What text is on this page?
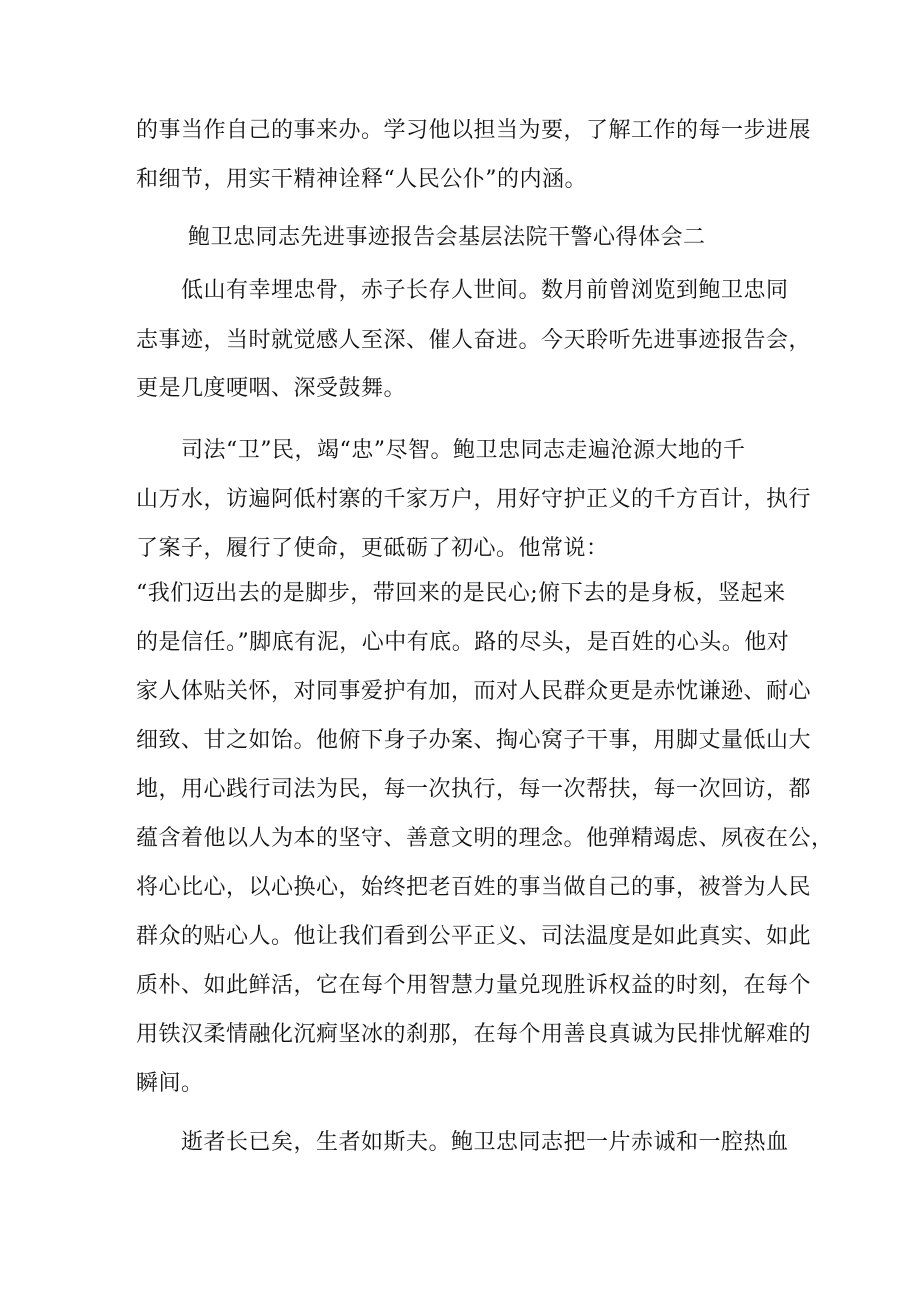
的事当作自己的事来办。学习他以担当为要，了解工作的每一步进展

和细节，用实干精神诠释“人民公仆”的内涵。

鲍卫忠同志先进事迹报告会基层法院干警心得体会二

低山有幸埋忠骨，赤子长存人世间。数月前曾浏览到鲍卫忠同

志事迹，当时就觉感人至深、催人奋进。今天聆听先进事迹报告会，

更是几度哽咽、深受鼓舞。

司法“卫”民，竭“忠”尽智。鲍卫忠同志走遍沧源大地的千

山万水，访遍阿低村寨的千家万户，用好守护正义的千方百计，执行

了案子，履行了使命，更砥砺了初心。他常说：

“我们迈出去的是脚步，带回来的是民心;俯下去的是身板，竖起来

的是信任。”脚底有泥，心中有底。路的尽头，是百姓的心头。他对

家人体贴关怀，对同事爱护有加，而对人民群众更是赤忱谦逊、耐心

细致、甘之如饴。他俯下身子办案、掏心窝子干事，用脚丈量低山大

地，用心践行司法为民，每一次执行，每一次帮扶，每一次回访，都

蕴含着他以人为本的坚守、善意文明的理念。他弹精竭虑、夙夜在公，

将心比心，以心换心，始终把老百姓的事当做自己的事，被誉为人民

群众的贴心人。他让我们看到公平正义、司法温度是如此真实、如此

质朴、如此鲜活，它在每个用智慧力量兑现胜诉权益的时刻，在每个

用铁汉柔情融化沉痾坚冰的刹那，在每个用善良真诚为民排忧解难的

瞬间。

逝者长已矣，生者如斯夫。鲍卫忠同志把一片赤诚和一腔热血
